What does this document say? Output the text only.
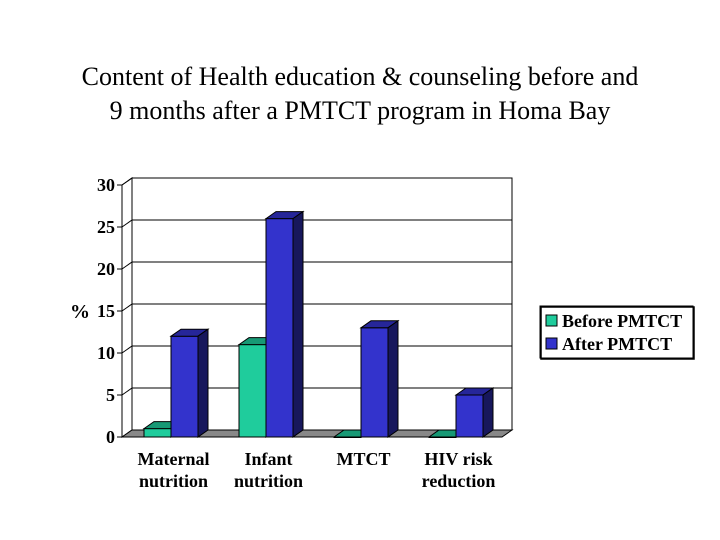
Content of Health education & counseling before and
9 months after a PMTCT program in Homa Bay
0
5
10
15
20
25
30
%
Maternal
nutrition
Infant
nutrition
MTCT HIV risk
reduction
Before PMTCT
After PMTCT
